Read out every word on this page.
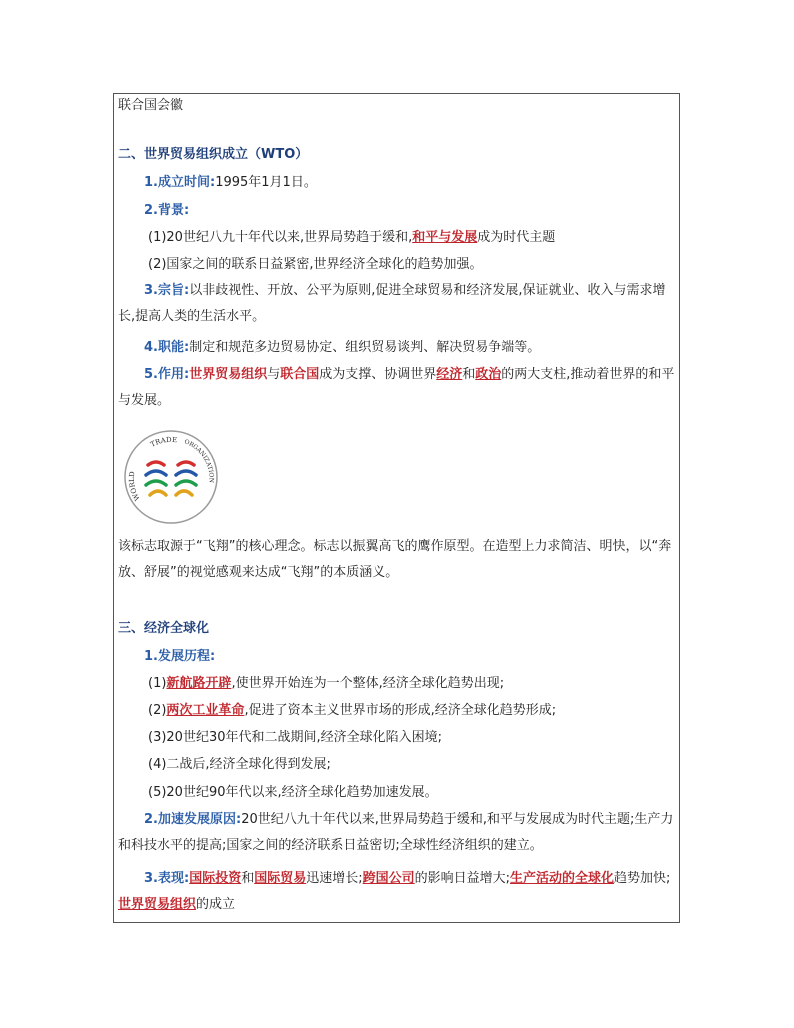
联合国会徽
二、世界贸易组织成立（WTO）
1.成立时间:1995年1月1日。
2.背景:
(1)20世纪八九十年代以来,世界局势趋于缓和,和平与发展成为时代主题
(2)国家之间的联系日益紧密,世界经济全球化的趋势加强。
3.宗旨:以非歧视性、开放、公平为原则,促进全球贸易和经济发展,保证就业、收入与需求增长,提高人类的生活水平。
4.职能:制定和规范多边贸易协定、组织贸易谈判、解决贸易争端等。
5.作用:世界贸易组织与联合国成为支撑、协调世界经济和政治的两大支柱,推动着世界的和平与发展。
WORLD
TRADE ORGANIZATION
该标志取源于“飞翔”的核心理念。标志以振翼高飞的鹰作原型。在造型上力求简洁、明快，以“奔放、舒展”的视觉感观来达成“飞翔”的本质涵义。
三、经济全球化
1.发展历程:
(1)新航路开辟,使世界开始连为一个整体,经济全球化趋势出现;
(2)两次工业革命,促进了资本主义世界市场的形成,经济全球化趋势形成;
(3)20世纪30年代和二战期间,经济全球化陷入困境;
(4)二战后,经济全球化得到发展;
(5)20世纪90年代以来,经济全球化趋势加速发展。
2.加速发展原因:20世纪八九十年代以来,世界局势趋于缓和,和平与发展成为时代主题;生产力和科技水平的提高;国家之间的经济联系日益密切;全球性经济组织的建立。
3.表现:国际投资和国际贸易迅速增长;跨国公司的影响日益增大;生产活动的全球化趋势加快;世界贸易组织的成立
